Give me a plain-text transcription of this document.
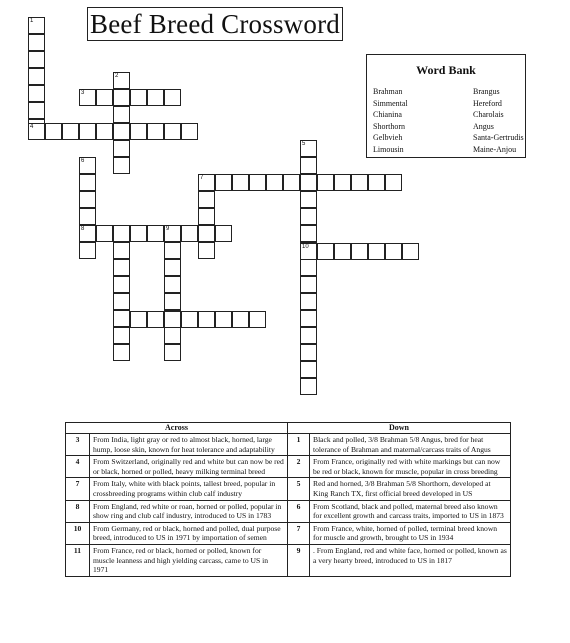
Beef Breed Crossword
1
2
3
4
5
6
8
7
9
10
Word Bank
Brahman
Simmental
Chianina
Shorthorn
Gelbvieh
Limousin
Brangus
Hereford
Charolais
Angus
Santa-Gertrudis
Maine-Anjou
Across		Down	
3	From India, light gray or red to almost black, horned, large hump, loose skin, known for heat tolerance and adaptability	1	Black and polled, 3/8 Brahman 5/8 Angus, bred for heat tolerance of Brahman and maternal/carcass traits of Angus
4	From Switzerland, originally red and white but can now be red or black, horned or polled, heavy milking terminal breed	2	From France, originally red with white markings but can now be red or black, known for muscle, popular in cross breeding
7	From Italy, white with black points, tallest breed, popular in crossbreeding programs within club calf industry	5	Red and horned, 3/8 Brahman 5/8 Shorthorn, developed at King Ranch TX, first official breed developed in US
8	From England, red white or roan, horned or polled, popular in show ring and club calf industry, introduced to US in 1783	6	From Scotland, black and polled, maternal breed also known for excellent growth and carcass traits, imported to US in 1873
10	From Germany, red or black, horned and polled, dual purpose breed, introduced to US in 1971 by importation of semen	7	From France, white, horned of polled, terminal breed known for muscle and growth, brought to US in 1934
11	From France, red or black, horned or polled, known for muscle leanness and high yielding carcass, came to US in 1971	9	. From England, red and white face, horned or polled, known as a very hearty breed, introduced to US in 1817
